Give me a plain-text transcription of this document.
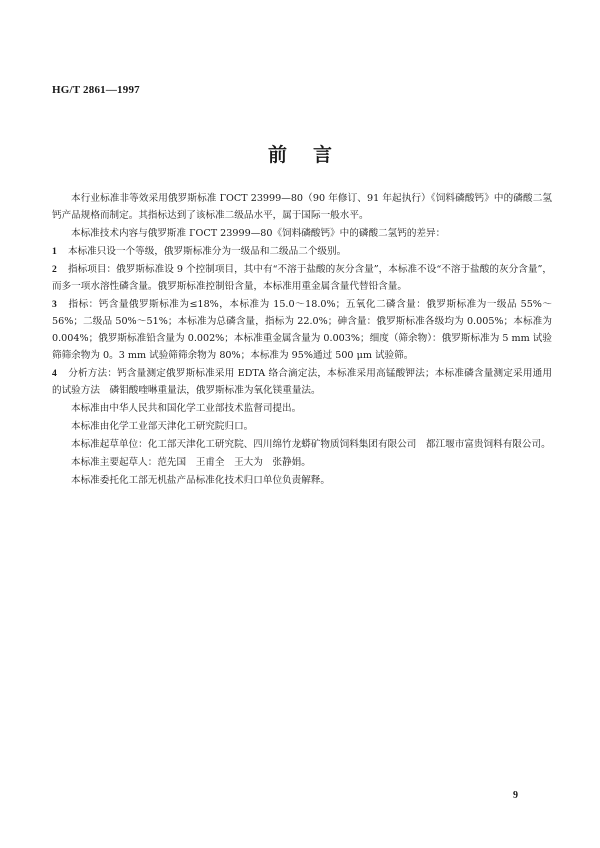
HG/T 2861—1997
前言

本行业标准非等效采用俄罗斯标准 ГОСТ 23999—80（90 年修订、91 年起执行）《饲料磷酸钙》中的磷酸二氢钙产品规格而制定。其指标达到了该标准二级品水平，属于国际一般水平。

本标准技术内容与俄罗斯准 ГОСТ 23999—80《饲料磷酸钙》中的磷酸二氢钙的差异：

1 本标准只设一个等级，俄罗斯标准分为一级品和二级品二个级别。

2 指标项目：俄罗斯标准设 9 个控制项目，其中有“不溶于盐酸的灰分含量”，本标准不设“不溶于盐酸的灰分含量”，而多一项水溶性磷含量。俄罗斯标准控制铅含量，本标准用重金属含量代替铅含量。

3 指标：钙含量俄罗斯标准为≤18%，本标准为 15.0～18.0%；五氧化二磷含量：俄罗斯标准为一级品 55%～56%；二级品 50%～51%；本标准为总磷含量，指标为 22.0%；砷含量：俄罗斯标准各级均为 0.005%；本标准为 0.004%；俄罗斯标准铅含量为 0.002%；本标准重金属含量为 0.003%；细度（筛余物）：俄罗斯标准为 5 mm 试验筛筛余物为 0。3 mm 试验筛筛余物为 80%；本标准为 95%通过 500 μm 试验筛。

4 分析方法：钙含量测定俄罗斯标准采用 EDTA 络合滴定法，本标准采用高锰酸钾法；本标准磷含量测定采用通用的试验方法　磷钼酸喹啉重量法，俄罗斯标准为氧化镁重量法。

本标准由中华人民共和国化学工业部技术监督司提出。

本标准由化学工业部天津化工研究院归口。

本标准起草单位：化工部天津化工研究院、四川绵竹龙蟒矿物质饲料集团有限公司　都江堰市富贵饲料有限公司。

本标准主要起草人：范先国　王甫全　王大为　张静娟。

本标准委托化工部无机盐产品标准化技术归口单位负责解释。

9
